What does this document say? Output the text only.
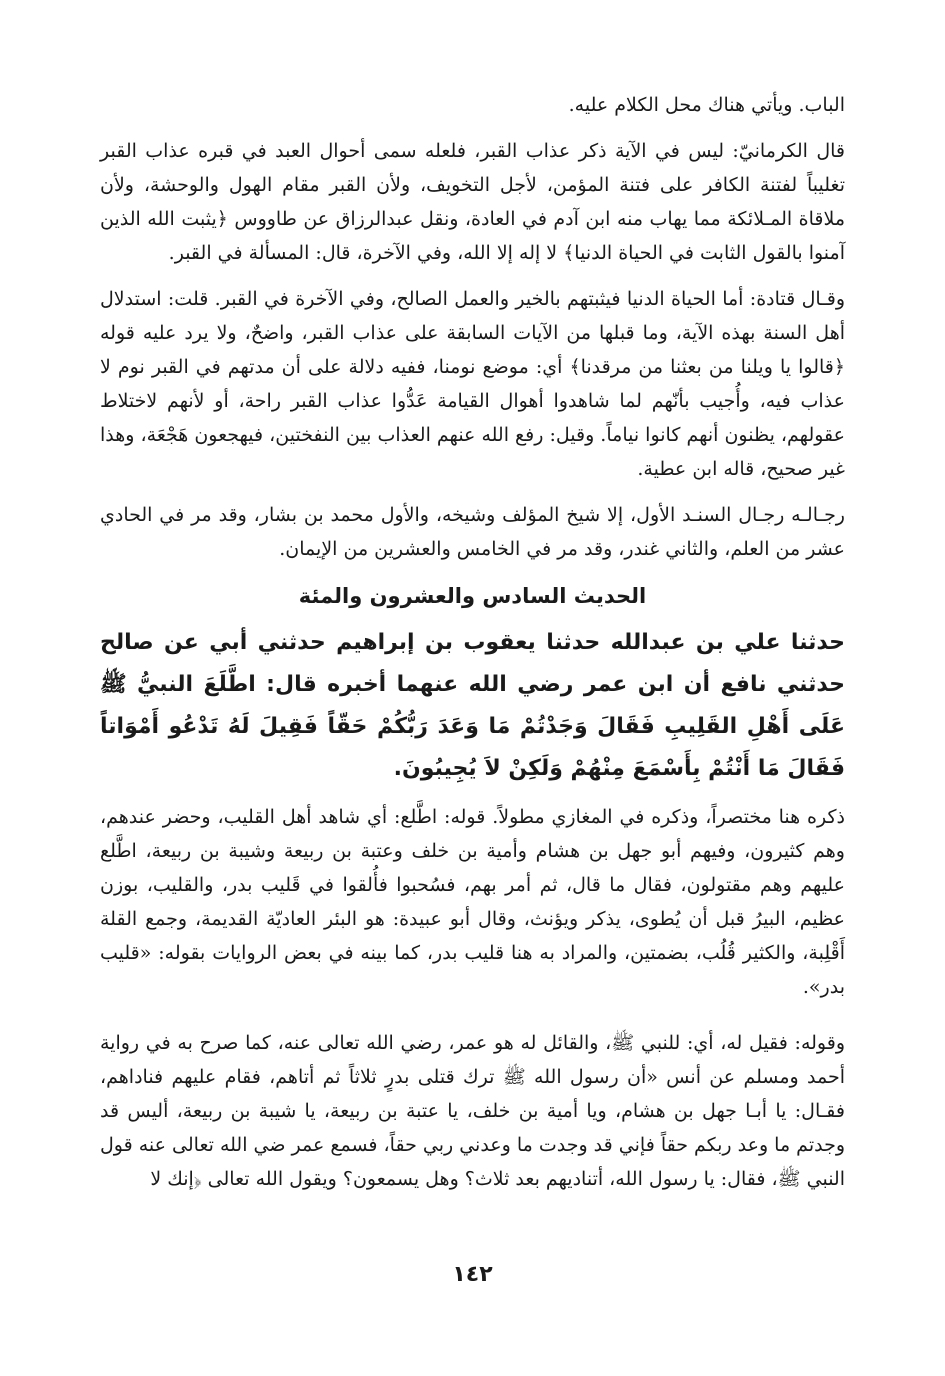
الباب. ويأتي هناك محل الكلام عليه.

قال الكرمانيّ: ليس في الآية ذكر عذاب القبر، فلعله سمى أحوال العبد في قبره عذاب القبر تغليباً لفتنة الكافر على فتنة المؤمن، لأجل التخويف، ولأن القبر مقام الهول والوحشة، ولأن ملاقاة المـلائكة مما يهاب منه ابن آدم في العادة، ونقل عبدالرزاق عن طاووس ﴿يثبت الله الذين آمنوا بالقول الثابت في الحياة الدنيا﴾ لا إله إلا الله، وفي الآخرة، قال: المسألة في القبر.

وقـال قتادة: أما الحياة الدنيا فيثبتهم بالخير والعمل الصالح، وفي الآخرة في القبر. قلت: استدلال أهل السنة بهذه الآية، وما قبلها من الآيات السابقة على عذاب القبر، واضحٌ، ولا يرد عليه قوله ﴿قالوا يا ويلنا من بعثنا من مرقدنا﴾ أي: موضع نومنا، ففيه دلالة على أن مدتهم في القبر نوم لا عذاب فيه، وأُجيب بأنّهم لما شاهدوا أهوال القيامة عَدُّوا عذاب القبر راحة، أو لأنهم لاختلاط عقولهم، يظنون أنهم كانوا نياماً. وقيل: رفع الله عنهم العذاب بين النفختين، فيهجعون هَجْعَة، وهذا غير صحيح، قاله ابن عطية.

رجـالـه رجـال السنـد الأول، إلا شيخ المؤلف وشيخه، والأول محمد بن بشار، وقد مر في الحادي عشر من العلم، والثاني غندر، وقد مر في الخامس والعشرين من الإيمان.

الحديث السادس والعشرون والمئة

حدثنا علي بن عبدالله حدثنا يعقوب بن إبراهيم حدثني أبي عن صالح حدثني نافع أن ابن عمر رضي الله عنهما أخبره قال: اطَّلَعَ النبيُّ ﷺ عَلَى أَهْلِ القَلِيبِ فَقَالَ وَجَدْتُمْ مَا وَعَدَ رَبُّكُمْ حَقّاً فَقِيلَ لَهُ تَدْعُو أَمْوَاتاً فَقَالَ مَا أَنْتُمْ بِأَسْمَعَ مِنْهُمْ وَلَكِنْ لاَ يُجِيبُونَ.

ذكره هنا مختصراً، وذكره في المغازي مطولاً. قوله: اطَّلع: أي شاهد أهل القليب، وحضر عندهم، وهم كثيرون، وفيهم أبو جهل بن هشام وأمية بن خلف وعتبة بن ربيعة وشيبة بن ربيعة، اطَّلع عليهم وهم مقتولون، فقال ما قال، ثم أمر بهم، فسُحبوا فأُلقوا في قَليب بدر، والقليب، بوزن عظيم، البيرُ قبل أن يُطوى، يذكر ويؤنث، وقال أبو عبيدة: هو البئر العاديّة القديمة، وجمع القلة أَقْلِبة، والكثير قُلُب، بضمتين، والمراد به هنا قليب بدر، كما بينه في بعض الروايات بقوله: «قليب بدر».

وقوله: فقيل له، أي: للنبي ﷺ، والقائل له هو عمر، رضي الله تعالى عنه، كما صرح به في رواية أحمد ومسلم عن أنس «أن رسول الله ﷺ ترك قتلى بدرٍ ثلاثاً ثم أتاهم، فقام عليهم فناداهم، فقـال: يا أبـا جهل بن هشام، ويا أمية بن خلف، يا عتبة بن ربيعة، يا شيبة بن ربيعة، أليس قد وجدتم ما وعد ربكم حقاً فإني قد وجدت ما وعدني ربي حقاً، فسمع عمر ضي الله تعالى عنه قول النبي ﷺ، فقال: يا رسول الله، أتناديهم بعد ثلاث؟ وهل يسمعون؟ ويقول الله تعالى ﴿إنك لا

١٤٢
